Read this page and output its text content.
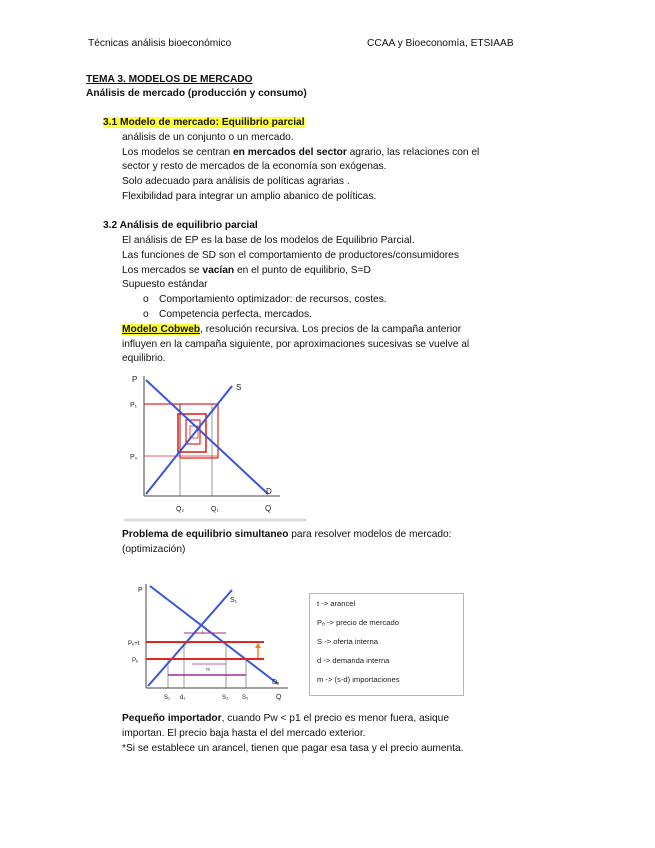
Técnicas análisis bioeconómico	CCAA y Bioeconomía, ETSIAAB
TEMA 3. MODELOS DE MERCADO
Análisis de mercado (producción y consumo)
3.1 Modelo de mercado: Equilibrio parcial
análisis de un conjunto o un mercado.
Los modelos se centran en mercados del sector agrario, las relaciones con el
sector y resto de mercados de la economía son exógenas.
Solo adecuado para análisis de políticas agrarias .
Flexibilidad para integrar un amplio abanico de políticas.
3.2 Análisis de equilibrio parcial
El análisis de EP es la base de los modelos de Equilibrio Parcial.
Las funciones de SD son el comportamiento de productores/consumidores
Los mercados se vacían en el punto de equilibrio, S=D
Supuesto estándar
o Comportamiento optimizador: de recursos, costes.
o Competencia perfecta, mercados.
Modelo Cobweb, resolución recursiva. Los precios de la campaña anterior
influyen en la campaña siguiente, por aproximaciones sucesivas se vuelve al
equilibrio.
P
P₁
P₀
S
D
Q₂	Q₁	Q
Problema de equilibrio simultaneo para resolver modelos de mercado:
(optimización)
P
S₁
D₁
Pₑ+t
Pₑ
t
m
S₁ d₁	S₂ S₂	Q
t -> arancel
Pₑ -> precio de mercado
S -> oferta interna
d -> demanda interna
m -> (s-d) importaciones
Pequeño importador, cuando Pw < p1 el precio es menor fuera, asique
importan. El precio baja hasta el del mercado exterior.
*Si se establece un arancel, tienen que pagar esa tasa y el precio aumenta.
